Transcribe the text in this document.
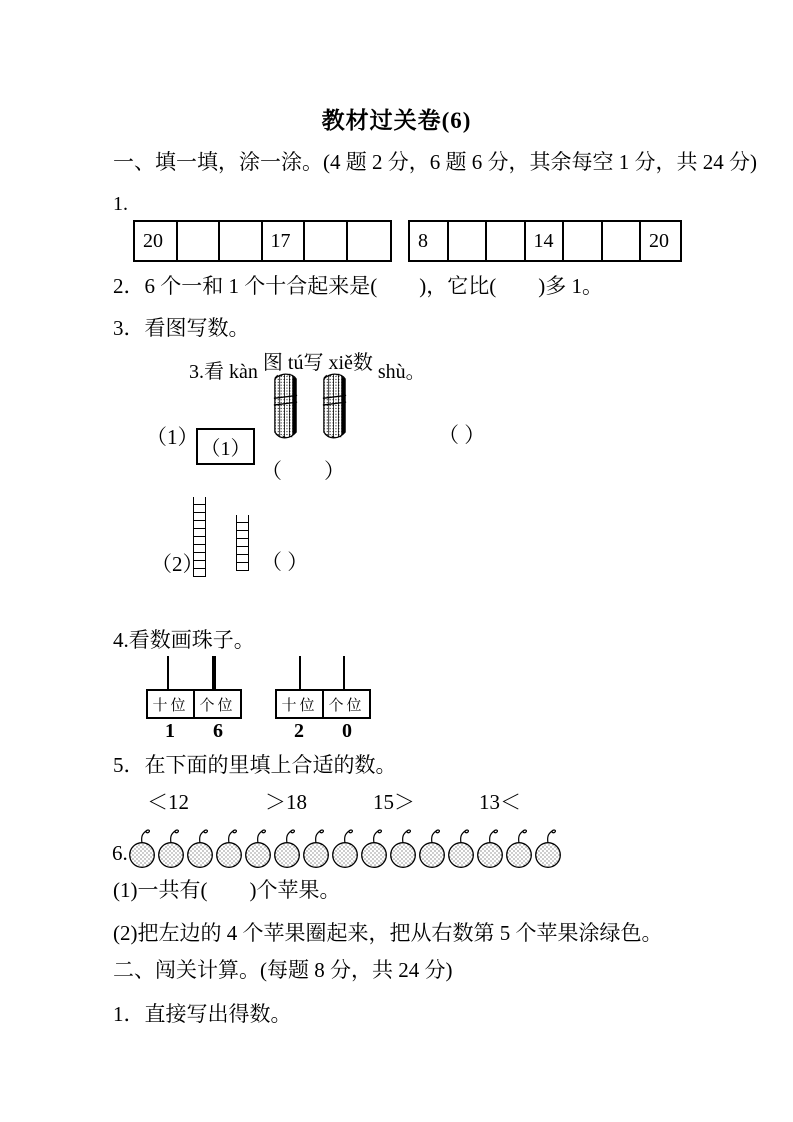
教材过关卷(6)
一、填一填，涂一涂。(4 题 2 分，6 题 6 分，其余每空 1 分，共 24 分)
1.
20	17	8	14	20
2．6 个一和 1 个十合起来是(　　)，它比(　　)多 1。
3．看图写数。
3.看 kàn 图 tú写 xiě数 shù。
（1） （1）
（ ）
（　　）
（2）	（ ）
4.看数画珠子。
十位 个位
1	6
十位 个位
2	0
5．在下面的里填上合适的数。
＜12	＞18	15＞	13＜
6.
(1)一共有(　　)个苹果。
(2)把左边的 4 个苹果圈起来，把从右数第 5 个苹果涂绿色。
二、闯关计算。(每题 8 分，共 24 分)
1．直接写出得数。
